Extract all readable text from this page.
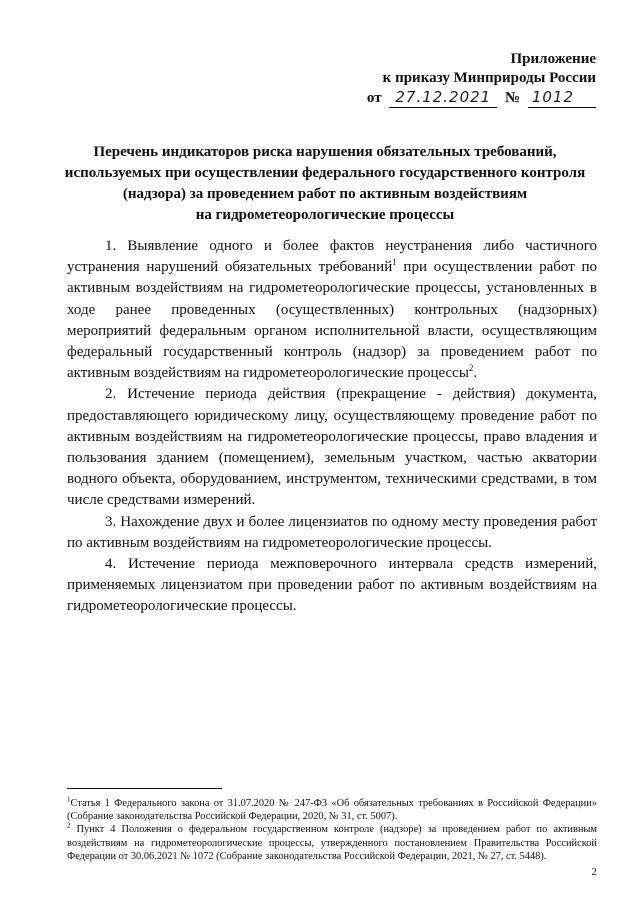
Приложение
к приказу Минприроды России
от 27.12.2021 № 1012
Перечень индикаторов риска нарушения обязательных требований,
используемых при осуществлении федерального государственного контроля
(надзора) за проведением работ по активным воздействиям
на гидрометеорологические процессы

1. Выявление одного и более фактов неустранения либо частичного устранения нарушений обязательных требований$^1$ при осуществлении работ по активным воздействиям на гидрометеорологические процессы, установленных в ходе ранее проведенных (осуществленных) контрольных (надзорных) мероприятий федеральным органом исполнительной власти, осуществляющим федеральный государственный контроль (надзор) за проведением работ по активным воздействиям на гидрометеорологические процессы$^2$.

2. Истечение периода действия (прекращение - действия) документа, предоставляющего юридическому лицу, осуществляющему проведение работ по активным воздействиям на гидрометеорологические процессы, право владения и пользования зданием (помещением), земельным участком, частью акватории водного объекта, оборудованием, инструментом, техническими средствами, в том числе средствами измерений.

3. Нахождение двух и более лицензиатов по одному месту проведения работ по активным воздействиям на гидрометеорологические процессы.

4. Истечение периода межповерочного интервала средств измерений, применяемых лицензиатом при проведении работ по активным воздействиям на гидрометеорологические процессы.

$^1$Статья 1 Федерального закона от 31.07.2020 № 247-ФЗ «Об обязательных требованиях в Российской Федерации» (Собрание законодательства Российской Федерации, 2020, № 31, ст. 5007).

$^2$ Пункт 4 Положения о федеральном государственном контроле (надзоре) за проведением работ по активным воздействиям на гидрометеорологические процессы, утвержденного постановлением Правительства Российской Федерации от 30.06.2021 № 1072 (Собрание законодательства Российской Федерации, 2021, № 27, ст. 5448).

2
